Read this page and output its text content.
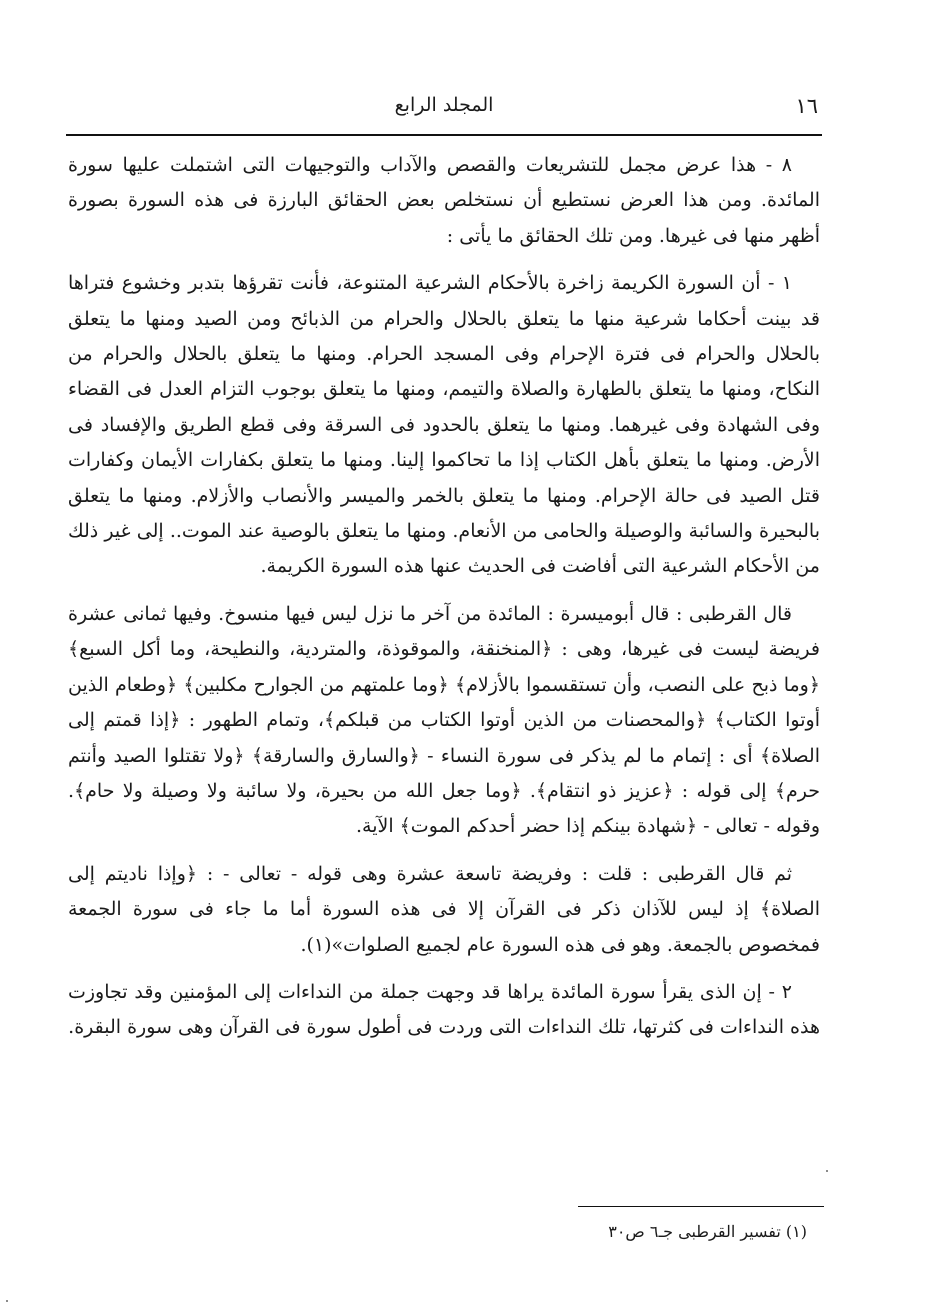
١٦
المجلد الرابع

٨ - هذا عرض مجمل للتشريعات والقصص والآداب والتوجيهات التى اشتملت عليها سورة المائدة. ومن هذا العرض نستطيع أن نستخلص بعض الحقائق البارزة فى هذه السورة بصورة أظهر منها فى غيرها. ومن تلك الحقائق ما يأتى :

١ - أن السورة الكريمة زاخرة بالأحكام الشرعية المتنوعة، فأنت تقرؤها بتدبر وخشوع فتراها قد بينت أحكاما شرعية منها ما يتعلق بالحلال والحرام من الذبائح ومن الصيد ومنها ما يتعلق بالحلال والحرام فى فترة الإحرام وفى المسجد الحرام. ومنها ما يتعلق بالحلال والحرام من النكاح، ومنها ما يتعلق بالطهارة والصلاة والتيمم، ومنها ما يتعلق بوجوب التزام العدل فى القضاء وفى الشهادة وفى غيرهما. ومنها ما يتعلق بالحدود فى السرقة وفى قطع الطريق والإفساد فى الأرض. ومنها ما يتعلق بأهل الكتاب إذا ما تحاكموا إلينا. ومنها ما يتعلق بكفارات الأيمان وكفارات قتل الصيد فى حالة الإحرام. ومنها ما يتعلق بالخمر والميسر والأنصاب والأزلام. ومنها ما يتعلق بالبحيرة والسائبة والوصيلة والحامى من الأنعام. ومنها ما يتعلق بالوصية عند الموت.. إلى غير ذلك من الأحكام الشرعية التى أفاضت فى الحديث عنها هذه السورة الكريمة.

قال القرطبى : قال أبوميسرة : المائدة من آخر ما نزل ليس فيها منسوخ. وفيها ثمانى عشرة فريضة ليست فى غيرها، وهى : ﴿المنخنقة، والموقوذة، والمتردية، والنطيحة، وما أكل السبع﴾ ﴿وما ذبح على النصب، وأن تستقسموا بالأزلام﴾ ﴿وما علمتهم من الجوارح مكلبين﴾ ﴿وطعام الذين أوتوا الكتاب﴾ ﴿والمحصنات من الذين أوتوا الكتاب من قبلكم﴾، وتمام الطهور : ﴿إذا قمتم إلى الصلاة﴾ أى : إتمام ما لم يذكر فى سورة النساء - ﴿والسارق والسارقة﴾ ﴿ولا تقتلوا الصيد وأنتم حرم﴾ إلى قوله : ﴿عزيز ذو انتقام﴾. ﴿وما جعل الله من بحيرة، ولا سائبة ولا وصيلة ولا حام﴾. وقوله - تعالى - ﴿شهادة بينكم إذا حضر أحدكم الموت﴾ الآية.

ثم قال القرطبى : قلت : وفريضة تاسعة عشرة وهى قوله - تعالى - : ﴿وإذا ناديتم إلى الصلاة﴾ إذ ليس للآذان ذكر فى القرآن إلا فى هذه السورة أما ما جاء فى سورة الجمعة فمخصوص بالجمعة. وهو فى هذه السورة عام لجميع الصلوات»(١).

٢ - إن الذى يقرأ سورة المائدة يراها قد وجهت جملة من النداءات إلى المؤمنين وقد تجاوزت هذه النداءات فى كثرتها، تلك النداءات التى وردت فى أطول سورة فى القرآن وهى سورة البقرة.

(١) تفسير القرطبى جـ٦ ص٣٠
